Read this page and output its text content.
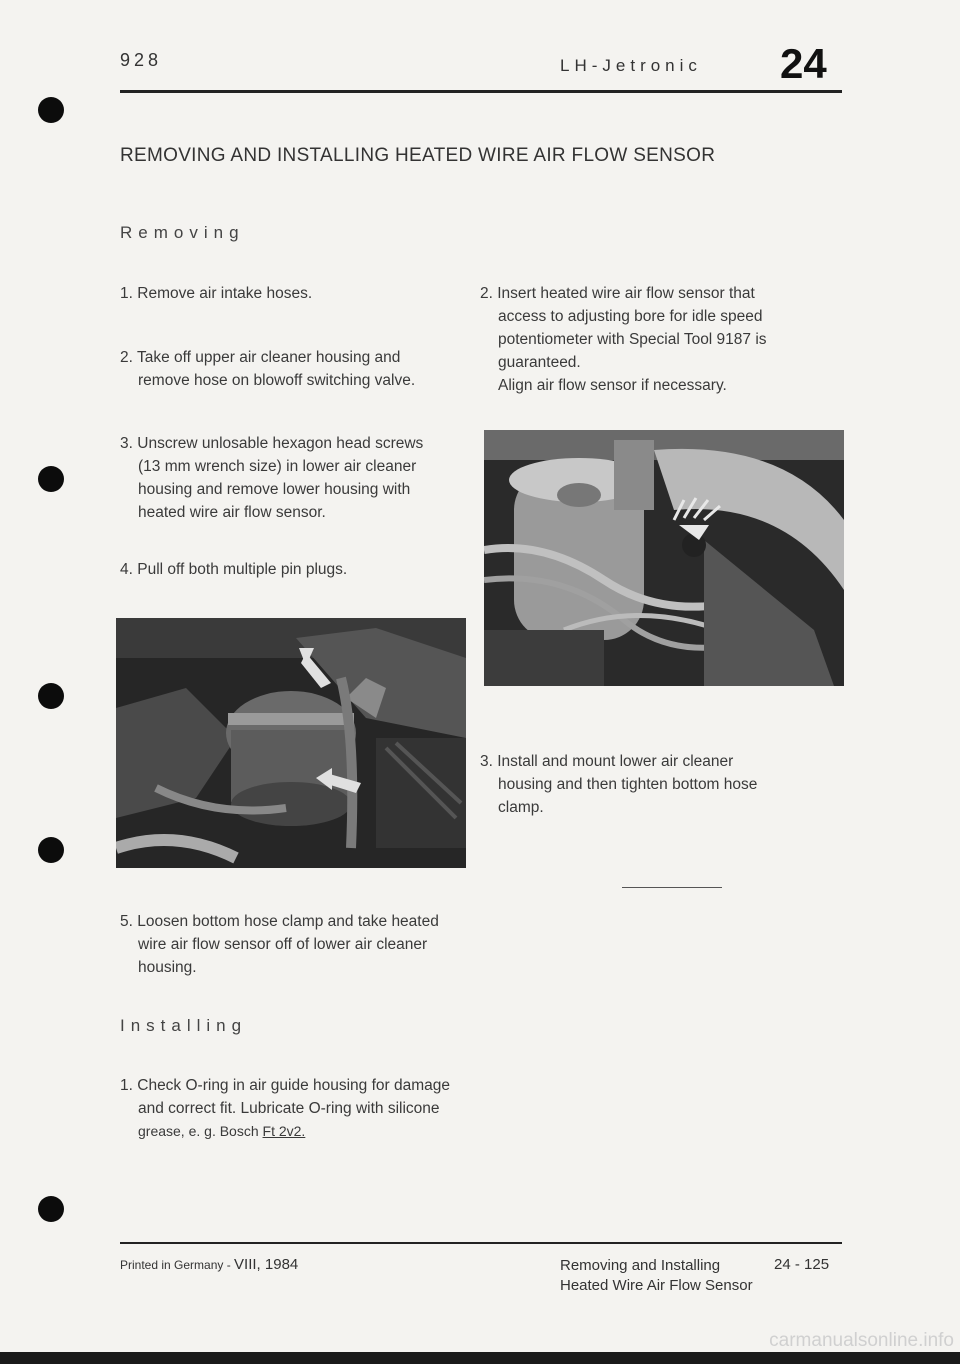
928	LH-Jetronic 24
REMOVING AND INSTALLING HEATED WIRE AIR FLOW SENSOR
Removing
1. Remove air intake hoses.
2. Take off upper air cleaner housing and
remove hose on blowoff switching valve.
3. Unscrew unlosable hexagon head screws
(13 mm wrench size) in lower air cleaner
housing and remove lower housing with
heated wire air flow sensor.
4. Pull off both multiple pin plugs.
5. Loosen bottom hose clamp and take heated
wire air flow sensor off of lower air cleaner
housing.
Installing
1. Check O-ring in air guide housing for damage
and correct fit. Lubricate O-ring with silicone
grease, e. g. Bosch Ft 2v2.
2. Insert heated wire air flow sensor that
access to adjusting bore for idle speed
potentiometer with Special Tool 9187 is
guaranteed.
Align air flow sensor if necessary.
3. Install and mount lower air cleaner
housing and then tighten bottom hose
clamp.
Printed in Germany - VIII, 1984	Removing and Installing
Heated Wire Air Flow Sensor
24 - 125
carmanualsonline.info
